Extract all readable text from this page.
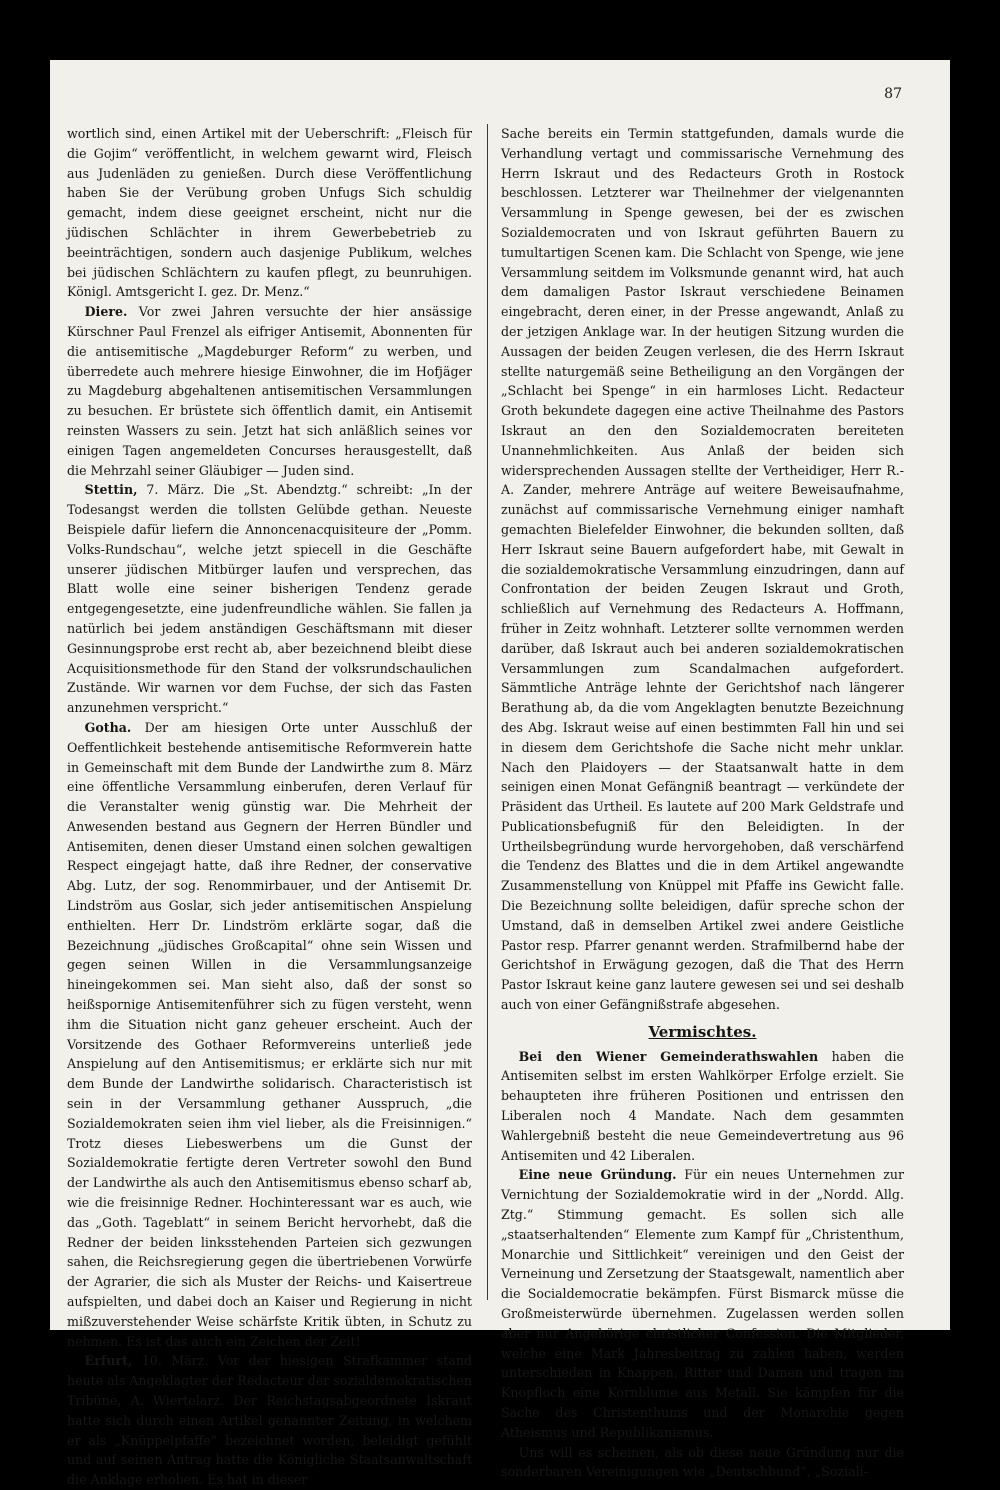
87

wortlich sind, einen Artikel mit der Ueberschrift: „Fleisch für die Gojim“ veröffentlicht, in welchem gewarnt wird, Fleisch aus Judenläden zu genießen. Durch diese Veröffentlichung haben Sie der Verübung groben Unfugs Sich schuldig gemacht, indem diese geeignet erscheint, nicht nur die jüdischen Schlächter in ihrem Gewerbebetrieb zu beeinträchtigen, sondern auch dasjenige Publikum, welches bei jüdischen Schlächtern zu kaufen pflegt, zu beunruhigen. Königl. Amtsgericht I. gez. Dr. Menz.“

Diere. Vor zwei Jahren versuchte der hier ansässige Kürschner Paul Frenzel als eifriger Antisemit, Abonnenten für die antisemitische „Magdeburger Reform“ zu werben, und überredete auch mehrere hiesige Einwohner, die im Hofjäger zu Magdeburg abgehaltenen antisemitischen Versammlungen zu besuchen. Er brüstete sich öffentlich damit, ein Antisemit reinsten Wassers zu sein. Jetzt hat sich anläßlich seines vor einigen Tagen angemeldeten Concurses herausgestellt, daß die Mehrzahl seiner Gläubiger — Juden sind.

Stettin, 7. März. Die „St. Abendztg.“ schreibt: „In der Todesangst werden die tollsten Gelübde gethan. Neueste Beispiele dafür liefern die Annoncenacquisiteure der „Pomm. Volks-Rundschau“, welche jetzt spiecell in die Geschäfte unserer jüdischen Mitbürger laufen und versprechen, das Blatt wolle eine seiner bisherigen Tendenz gerade entgegengesetzte, eine judenfreundliche wählen. Sie fallen ja natürlich bei jedem anständigen Geschäftsmann mit dieser Gesinnungsprobe erst recht ab, aber bezeichnend bleibt diese Acquisitionsmethode für den Stand der volksrundschaulichen Zustände. Wir warnen vor dem Fuchse, der sich das Fasten anzunehmen verspricht.“

Gotha. Der am hiesigen Orte unter Ausschluß der Oeffentlichkeit bestehende antisemitische Reformverein hatte in Gemeinschaft mit dem Bunde der Landwirthe zum 8. März eine öffentliche Versammlung einberufen, deren Verlauf für die Veranstalter wenig günstig war. Die Mehrheit der Anwesenden bestand aus Gegnern der Herren Bündler und Antisemiten, denen dieser Umstand einen solchen gewaltigen Respect eingejagt hatte, daß ihre Redner, der conservative Abg. Lutz, der sog. Renommirbauer, und der Antisemit Dr. Lindström aus Goslar, sich jeder antisemitischen Anspielung enthielten. Herr Dr. Lindström erklärte sogar, daß die Bezeichnung „jüdisches Großcapital“ ohne sein Wissen und gegen seinen Willen in die Versammlungsanzeige hineingekommen sei. Man sieht also, daß der sonst so heißspornige Antisemitenführer sich zu fügen versteht, wenn ihm die Situation nicht ganz geheuer erscheint. Auch der Vorsitzende des Gothaer Reformvereins unterließ jede Anspielung auf den Antisemitismus; er erklärte sich nur mit dem Bunde der Landwirthe solidarisch. Characteristisch ist sein in der Versammlung gethaner Ausspruch, „die Sozialdemokraten seien ihm viel lieber, als die Freisinnigen.“ Trotz dieses Liebeswerbens um die Gunst der Sozialdemokratie fertigte deren Vertreter sowohl den Bund der Landwirthe als auch den Antisemitismus ebenso scharf ab, wie die freisinnige Redner. Hochinteressant war es auch, wie das „Goth. Tageblatt“ in seinem Bericht hervorhebt, daß die Redner der beiden linksstehenden Parteien sich gezwungen sahen, die Reichsregierung gegen die übertriebenen Vorwürfe der Agrarier, die sich als Muster der Reichs- und Kaisertreue aufspielten, und dabei doch an Kaiser und Regierung in nicht mißzuverstehender Weise schärfste Kritik übten, in Schutz zu nehmen. Es ist das auch ein Zeichen der Zeit!

Erfurt, 10. März. Vor der hiesigen Strafkammer stand heute als Angeklagter der Redacteur der sozialdemokratischen Tribüne, A. Wiertelarz. Der Reichstagsabgeordnete Iskraut hatte sich durch einen Artikel genannter Zeitung, in welchem er als „Knüppelpfaffe“ bezeichnet worden, beleidigt gefühlt und auf seinen Antrag hatte die Königliche Staatsanwaltschaft die Anklage erhoben. Es hat in dieser

Sache bereits ein Termin stattgefunden, damals wurde die Verhandlung vertagt und commissarische Vernehmung des Herrn Iskraut und des Redacteurs Groth in Rostock beschlossen. Letzterer war Theilnehmer der vielgenannten Versammlung in Spenge gewesen, bei der es zwischen Sozialdemocraten und von Iskraut geführten Bauern zu tumultartigen Scenen kam. Die Schlacht von Spenge, wie jene Versammlung seitdem im Volksmunde genannt wird, hat auch dem damaligen Pastor Iskraut verschiedene Beinamen eingebracht, deren einer, in der Presse angewandt, Anlaß zu der jetzigen Anklage war. In der heutigen Sitzung wurden die Aussagen der beiden Zeugen verlesen, die des Herrn Iskraut stellte naturgemäß seine Betheiligung an den Vorgängen der „Schlacht bei Spenge“ in ein harmloses Licht. Redacteur Groth bekundete dagegen eine active Theilnahme des Pastors Iskraut an den den Sozialdemocraten bereiteten Unannehmlichkeiten. Aus Anlaß der beiden sich widersprechenden Aussagen stellte der Vertheidiger, Herr R.-A. Zander, mehrere Anträge auf weitere Beweisaufnahme, zunächst auf commissarische Vernehmung einiger namhaft gemachten Bielefelder Einwohner, die bekunden sollten, daß Herr Iskraut seine Bauern aufgefordert habe, mit Gewalt in die sozialdemokratische Versammlung einzudringen, dann auf Confrontation der beiden Zeugen Iskraut und Groth, schließlich auf Vernehmung des Redacteurs A. Hoffmann, früher in Zeitz wohnhaft. Letzterer sollte vernommen werden darüber, daß Iskraut auch bei anderen sozialdemokratischen Versammlungen zum Scandalmachen aufgefordert. Sämmtliche Anträge lehnte der Gerichtshof nach längerer Berathung ab, da die vom Angeklagten benutzte Bezeichnung des Abg. Iskraut weise auf einen bestimmten Fall hin und sei in diesem dem Gerichtshofe die Sache nicht mehr unklar. Nach den Plaidoyers — der Staatsanwalt hatte in dem seinigen einen Monat Gefängniß beantragt — verkündete der Präsident das Urtheil. Es lautete auf 200 Mark Geldstrafe und Publicationsbefugniß für den Beleidigten. In der Urtheilsbegründung wurde hervorgehoben, daß verschärfend die Tendenz des Blattes und die in dem Artikel angewandte Zusammenstellung von Knüppel mit Pfaffe ins Gewicht falle. Die Bezeichnung sollte beleidigen, dafür spreche schon der Umstand, daß in demselben Artikel zwei andere Geistliche Pastor resp. Pfarrer genannt werden. Strafmilbernd habe der Gerichtshof in Erwägung gezogen, daß die That des Herrn Pastor Iskraut keine ganz lautere gewesen sei und sei deshalb auch von einer Gefängnißstrafe abgesehen.

Vermischtes.

Bei den Wiener Gemeinderathswahlen haben die Antisemiten selbst im ersten Wahlkörper Erfolge erzielt. Sie behaupteten ihre früheren Positionen und entrissen den Liberalen noch 4 Mandate. Nach dem gesammten Wahlergebniß besteht die neue Gemeindevertretung aus 96 Antisemiten und 42 Liberalen.

Eine neue Gründung. Für ein neues Unternehmen zur Vernichtung der Sozialdemokratie wird in der „Nordd. Allg. Ztg.“ Stimmung gemacht. Es sollen sich alle „staatserhaltenden“ Elemente zum Kampf für „Christenthum, Monarchie und Sittlichkeit“ vereinigen und den Geist der Verneinung und Zersetzung der Staatsgewalt, namentlich aber die Socialdemocratie bekämpfen. Fürst Bismarck müsse die Großmeisterwürde übernehmen. Zugelassen werden sollen aber nur Angehörige christlicher Confession. Die Mitglieder, welche eine Mark Jahresbeitrag zu zahlen haben, werden unterschieden in Knappen, Ritter und Damen und tragen im Knopfloch eine Kornblume aus Metall. Sie kämpfen für die Sache des Christenthums und der Monarchie gegen Atheismus und Republikanismus.

Uns will es scheinen, als ob diese neue Gründung nur die sonderbaren Vereinigungen wie „Deutschbund“, „Soziali-
